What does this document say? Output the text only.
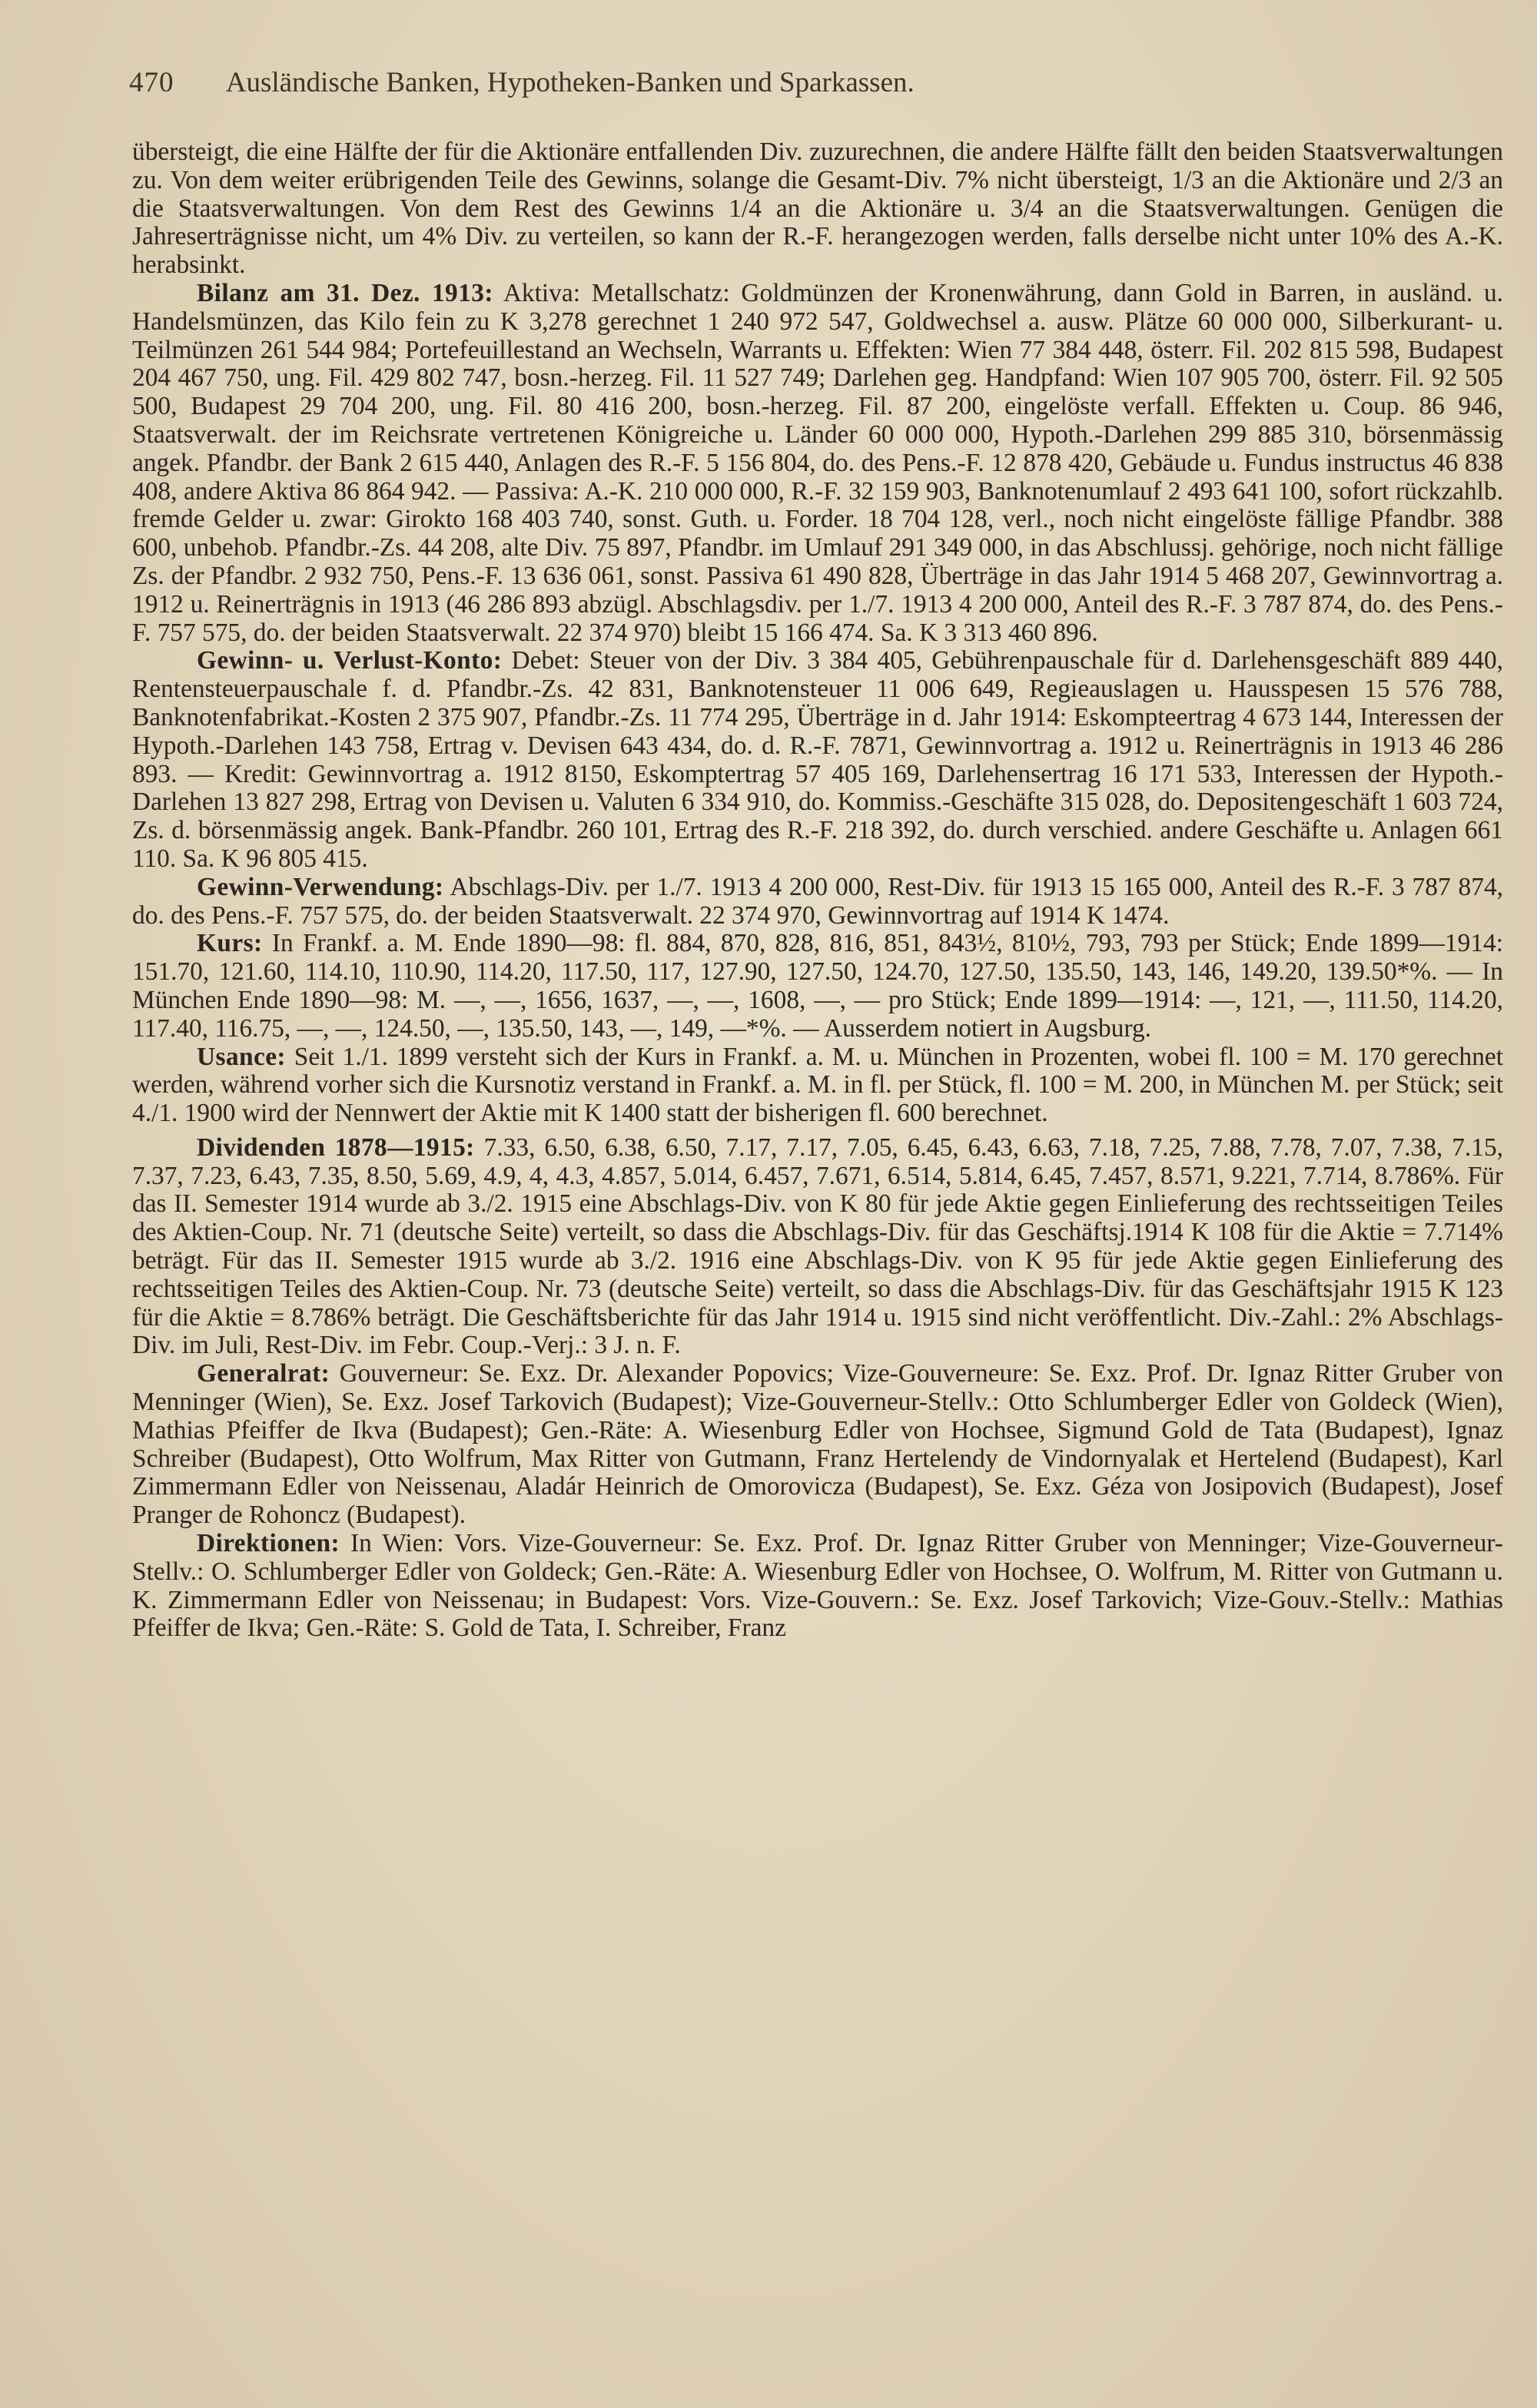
470 Ausländische Banken, Hypotheken-Banken und Sparkassen.

übersteigt, die eine Hälfte der für die Aktionäre entfallenden Div. zuzurechnen, die andere Hälfte fällt den beiden Staatsverwaltungen zu. Von dem weiter erübrigenden Teile des Gewinns, solange die Gesamt-Div. 7% nicht übersteigt, 1/3 an die Aktionäre und 2/3 an die Staatsverwaltungen. Von dem Rest des Gewinns 1/4 an die Aktionäre u. 3/4 an die Staatsverwaltungen. Genügen die Jahreserträgnisse nicht, um 4% Div. zu verteilen, so kann der R.-F. herangezogen werden, falls derselbe nicht unter 10% des A.-K. herabsinkt.

Bilanz am 31. Dez. 1913: Aktiva: Metallschatz: Goldmünzen der Kronenwährung, dann Gold in Barren, in ausländ. u. Handelsmünzen, das Kilo fein zu K 3,278 gerechnet 1 240 972 547, Goldwechsel a. ausw. Plätze 60 000 000, Silberkurant- u. Teilmünzen 261 544 984; Portefeuillestand an Wechseln, Warrants u. Effekten: Wien 77 384 448, österr. Fil. 202 815 598, Budapest 204 467 750, ung. Fil. 429 802 747, bosn.-herzeg. Fil. 11 527 749; Darlehen geg. Handpfand: Wien 107 905 700, österr. Fil. 92 505 500, Budapest 29 704 200, ung. Fil. 80 416 200, bosn.-herzeg. Fil. 87 200, eingelöste verfall. Effekten u. Coup. 86 946, Staatsverwalt. der im Reichsrate vertretenen Königreiche u. Länder 60 000 000, Hypoth.-Darlehen 299 885 310, börsenmässig angek. Pfandbr. der Bank 2 615 440, Anlagen des R.-F. 5 156 804, do. des Pens.-F. 12 878 420, Gebäude u. Fundus instructus 46 838 408, andere Aktiva 86 864 942. — Passiva: A.-K. 210 000 000, R.-F. 32 159 903, Banknotenumlauf 2 493 641 100, sofort rückzahlb. fremde Gelder u. zwar: Girokto 168 403 740, sonst. Guth. u. Forder. 18 704 128, verl., noch nicht eingelöste fällige Pfandbr. 388 600, unbehob. Pfandbr.-Zs. 44 208, alte Div. 75 897, Pfandbr. im Umlauf 291 349 000, in das Abschlussj. gehörige, noch nicht fällige Zs. der Pfandbr. 2 932 750, Pens.-F. 13 636 061, sonst. Passiva 61 490 828, Überträge in das Jahr 1914 5 468 207, Gewinnvortrag a. 1912 u. Reinerträgnis in 1913 (46 286 893 abzügl. Abschlagsdiv. per 1./7. 1913 4 200 000, Anteil des R.-F. 3 787 874, do. des Pens.-F. 757 575, do. der beiden Staatsverwalt. 22 374 970) bleibt 15 166 474. Sa. K 3 313 460 896.

Gewinn- u. Verlust-Konto: Debet: Steuer von der Div. 3 384 405, Gebührenpauschale für d. Darlehensgeschäft 889 440, Rentensteuerpauschale f. d. Pfandbr.-Zs. 42 831, Banknotensteuer 11 006 649, Regieauslagen u. Hausspesen 15 576 788, Banknotenfabrikat.-Kosten 2 375 907, Pfandbr.-Zs. 11 774 295, Überträge in d. Jahr 1914: Eskompteertrag 4 673 144, Interessen der Hypoth.-Darlehen 143 758, Ertrag v. Devisen 643 434, do. d. R.-F. 7871, Gewinnvortrag a. 1912 u. Reinerträgnis in 1913 46 286 893. — Kredit: Gewinnvortrag a. 1912 8150, Eskomptertrag 57 405 169, Darlehensertrag 16 171 533, Interessen der Hypoth.-Darlehen 13 827 298, Ertrag von Devisen u. Valuten 6 334 910, do. Kommiss.-Geschäfte 315 028, do. Depositengeschäft 1 603 724, Zs. d. börsenmässig angek. Bank-Pfandbr. 260 101, Ertrag des R.-F. 218 392, do. durch verschied. andere Geschäfte u. Anlagen 661 110. Sa. K 96 805 415.

Gewinn-Verwendung: Abschlags-Div. per 1./7. 1913 4 200 000, Rest-Div. für 1913 15 165 000, Anteil des R.-F. 3 787 874, do. des Pens.-F. 757 575, do. der beiden Staatsverwalt. 22 374 970, Gewinnvortrag auf 1914 K 1474.

Kurs: In Frankf. a. M. Ende 1890—98: fl. 884, 870, 828, 816, 851, 843½, 810½, 793, 793 per Stück; Ende 1899—1914: 151.70, 121.60, 114.10, 110.90, 114.20, 117.50, 117, 127.90, 127.50, 124.70, 127.50, 135.50, 143, 146, 149.20, 139.50*%. — In München Ende 1890—98: M. —, —, 1656, 1637, —, —, 1608, —, — pro Stück; Ende 1899—1914: —, 121, —, 111.50, 114.20, 117.40, 116.75, —, —, 124.50, —, 135.50, 143, —, 149, —*%. — Ausserdem notiert in Augsburg.

Usance: Seit 1./1. 1899 versteht sich der Kurs in Frankf. a. M. u. München in Prozenten, wobei fl. 100 = M. 170 gerechnet werden, während vorher sich die Kursnotiz verstand in Frankf. a. M. in fl. per Stück, fl. 100 = M. 200, in München M. per Stück; seit 4./1. 1900 wird der Nennwert der Aktie mit K 1400 statt der bisherigen fl. 600 berechnet.

Dividenden 1878—1915: 7.33, 6.50, 6.38, 6.50, 7.17, 7.17, 7.05, 6.45, 6.43, 6.63, 7.18, 7.25, 7.88, 7.78, 7.07, 7.38, 7.15, 7.37, 7.23, 6.43, 7.35, 8.50, 5.69, 4.9, 4, 4.3, 4.857, 5.014, 6.457, 7.671, 6.514, 5.814, 6.45, 7.457, 8.571, 9.221, 7.714, 8.786%. Für das II. Semester 1914 wurde ab 3./2. 1915 eine Abschlags-Div. von K 80 für jede Aktie gegen Einlieferung des rechtsseitigen Teiles des Aktien-Coup. Nr. 71 (deutsche Seite) verteilt, so dass die Abschlags-Div. für das Geschäftsj.1914 K 108 für die Aktie = 7.714% beträgt. Für das II. Semester 1915 wurde ab 3./2. 1916 eine Abschlags-Div. von K 95 für jede Aktie gegen Einlieferung des rechtsseitigen Teiles des Aktien-Coup. Nr. 73 (deutsche Seite) verteilt, so dass die Abschlags-Div. für das Geschäftsjahr 1915 K 123 für die Aktie = 8.786% beträgt. Die Geschäftsberichte für das Jahr 1914 u. 1915 sind nicht veröffentlicht. Div.-Zahl.: 2% Abschlags-Div. im Juli, Rest-Div. im Febr. Coup.-Verj.: 3 J. n. F.

Generalrat: Gouverneur: Se. Exz. Dr. Alexander Popovics; Vize-Gouverneure: Se. Exz. Prof. Dr. Ignaz Ritter Gruber von Menninger (Wien), Se. Exz. Josef Tarkovich (Budapest); Vize-Gouverneur-Stellv.: Otto Schlumberger Edler von Goldeck (Wien), Mathias Pfeiffer de Ikva (Budapest); Gen.-Räte: A. Wiesenburg Edler von Hochsee, Sigmund Gold de Tata (Budapest), Ignaz Schreiber (Budapest), Otto Wolfrum, Max Ritter von Gutmann, Franz Hertelendy de Vindornyalak et Hertelend (Budapest), Karl Zimmermann Edler von Neissenau, Aladár Heinrich de Omorovicza (Budapest), Se. Exz. Géza von Josipovich (Budapest), Josef Pranger de Rohoncz (Budapest).

Direktionen: In Wien: Vors. Vize-Gouverneur: Se. Exz. Prof. Dr. Ignaz Ritter Gruber von Menninger; Vize-Gouverneur-Stellv.: O. Schlumberger Edler von Goldeck; Gen.-Räte: A. Wiesenburg Edler von Hochsee, O. Wolfrum, M. Ritter von Gutmann u. K. Zimmermann Edler von Neissenau; in Budapest: Vors. Vize-Gouvern.: Se. Exz. Josef Tarkovich; Vize-Gouv.-Stellv.: Mathias Pfeiffer de Ikva; Gen.-Räte: S. Gold de Tata, I. Schreiber, Franz
